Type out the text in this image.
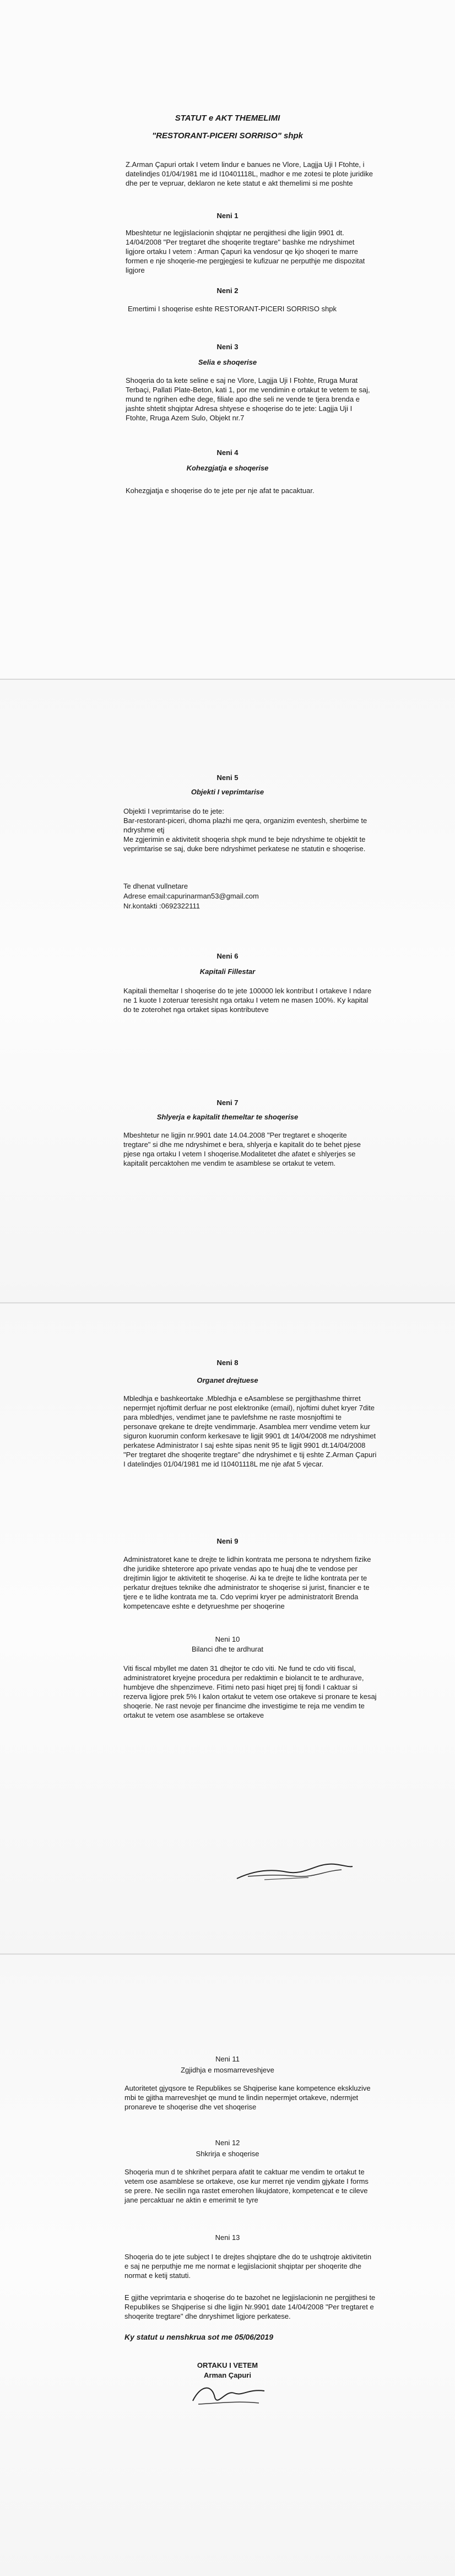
STATUT e AKT THEMELIMI
"RESTORANT-PICERI SORRISO" shpk
Z.Arman Çapuri ortak I vetem lindur e banues ne Vlore, Lagjja Uji I Ftohte, i datelindjes 01/04/1981 me id I10401118L, madhor e me zotesi te plote juridike dhe per te vepruar, deklaron ne kete statut e akt themelimi si me poshte
Neni 1
Mbeshtetur ne legjislacionin shqiptar ne perqjithesi dhe ligjin 9901 dt. 14/04/2008 "Per tregtaret dhe shoqerite tregtare" bashke me ndryshimet ligjore ortaku I vetem : Arman Çapuri ka vendosur qe kjo shoqeri te marre formen e nje shoqerie-me pergjegjesi te kufizuar ne perputhje me dispozitat ligjore
Neni 2
Emertimi I shoqerise eshte RESTORANT-PICERI SORRISO shpk
Neni 3
Selia e shoqerise
Shoqeria do ta kete seline e saj ne Vlore, Lagjja Uji I Ftohte, Rruga Murat Terbaçi, Pallati Plate-Beton, kati 1, por me vendimin e ortakut te vetem te saj, mund te ngrihen edhe dege, filiale apo dhe seli ne vende te tjera brenda e jashte shtetit shqiptar Adresa shtyese e shoqerise do te jete: Lagjja Uji I Ftohte, Rruga Azem Sulo, Objekt nr.7
Neni 4
Kohezgjatja e shoqerise
Kohezgjatja e shoqerise do te jete per nje afat te pacaktuar.
Neni 5
Objekti I veprimtarise
Objekti I veprimtarise do te jete:
Bar-restorant-piceri, dhoma plazhi me qera, organizim eventesh, sherbime te ndryshme etj
Me zgjerimin e aktivitetit shoqeria shpk mund te beje ndryshime te objektit te veprimtarise se saj, duke bere ndryshimet perkatese ne statutin e shoqerise.
Te dhenat vullnetare
Adrese email:capurinarman53@gmail.com
Nr.kontakti :0692322111
Neni 6
Kapitali Fillestar
Kapitali themeltar I shoqerise do te jete 100000 lek kontribut I ortakeve I ndare ne 1 kuote I zoteruar teresisht nga ortaku I vetem ne masen 100%. Ky kapital do te zoterohet nga ortaket sipas kontributeve
Neni 7
Shlyerja e kapitalit themeltar te shoqerise
Mbeshtetur ne ligjin nr.9901 date 14.04.2008 "Per tregtaret e shoqerite tregtare" si dhe me ndryshimet e bera, shlyerja e kapitalit do te behet pjese pjese nga ortaku I vetem I shoqerise.Modalitetet dhe afatet e shlyerjes se kapitalit percaktohen me vendim te asamblese se ortakut te vetem.
Neni 8
Organet drejtuese
Mbledhja e bashkeortake .Mbledhja e eAsamblese se pergjithashme thirret nepermjet njoftimit derfuar ne post elektronike (email), njoftimi duhet kryer 7dite para mbledhjes, vendimet jane te pavlefshme ne raste mosnjoftimi te personave qrekane te drejte vendimmarje. Asamblea merr vendime vetem kur siguron kuorumin conform kerkesave te ligjit 9901 dt 14/04/2008 me ndryshimet perkatese Administrator I saj eshte sipas nenit 95 te ligjit 9901 dt.14/04/2008 "Per tregtaret dhe shoqerite tregtare" dhe ndryshimet e tij eshte Z.Arman Çapuri I datelindjes 01/04/1981 me id I10401118L me nje afat 5 vjecar.
Neni 9
Administratoret kane te drejte te lidhin kontrata me persona te ndryshem fizike dhe juridike shteterore apo private vendas apo te huaj dhe te vendose per drejtimin ligjor te aktivitetit te shoqerise. Ai ka te drejte te lidhe kontrata per te perkatur drejtues teknike dhe administrator te shoqerise si jurist, financier e te tjere e te lidhe kontrata me ta. Cdo veprimi kryer pe administratorit Brenda kompetencave eshte e detyrueshme per shoqerine
Neni 10
Bilanci dhe te ardhurat
Viti fiscal mbyllet me daten 31 dhejtor te cdo viti. Ne fund te cdo viti fiscal, administratoret kryejne procedura per redaktimin e biolancit te te ardhurave, humbjeve dhe shpenzimeve. Fitimi neto pasi hiqet prej tij fondi I caktuar si rezerva ligjore prek 5% I kalon ortakut te vetem ose ortakeve si pronare te kesaj shoqerie. Ne rast nevoje per financime dhe investigime te reja me vendim te ortakut te vetem ose asamblese se ortakeve
Neni 11
Zgjidhja e mosmarreveshjeve
Autoritetet gjyqsore te Republikes se Shqiperise kane kompetence ekskluzive mbi te gjitha marreveshjet qe mund te lindin nepermjet ortakeve, ndermjet pronareve te shoqerise dhe vet shoqerise
Neni 12
Shkrirja e shoqerise
Shoqeria mun d te shkrihet perpara afatit te caktuar me vendim te ortakut te vetem ose asamblese se ortakeve, ose kur merret nje vendim gjykate I forms se prere. Ne secilin nga rastet emerohen likujdatore, kompetencat e te cileve jane percaktuar ne aktin e emerimit te tyre
Neni 13
Shoqeria do te jete subject I te drejtes shqiptare dhe do te ushqtroje aktivitetin e saj ne perputhje me me normat e legjislacionit shqiptar per shoqerite dhe normat e ketij statuti.
E gjithe veprimtaria e shoqerise do te bazohet ne legjislacionin ne pergjithesi te Republikes se Shqiperise si dhe ligjin Nr.9901 date 14/04/2008 "Per tregtaret e shoqerite tregtare" dhe dnryshimet ligjore perkatese.
Ky statut u nenshkrua sot me 05/06/2019
ORTAKU I VETEM
Arman Çapuri
